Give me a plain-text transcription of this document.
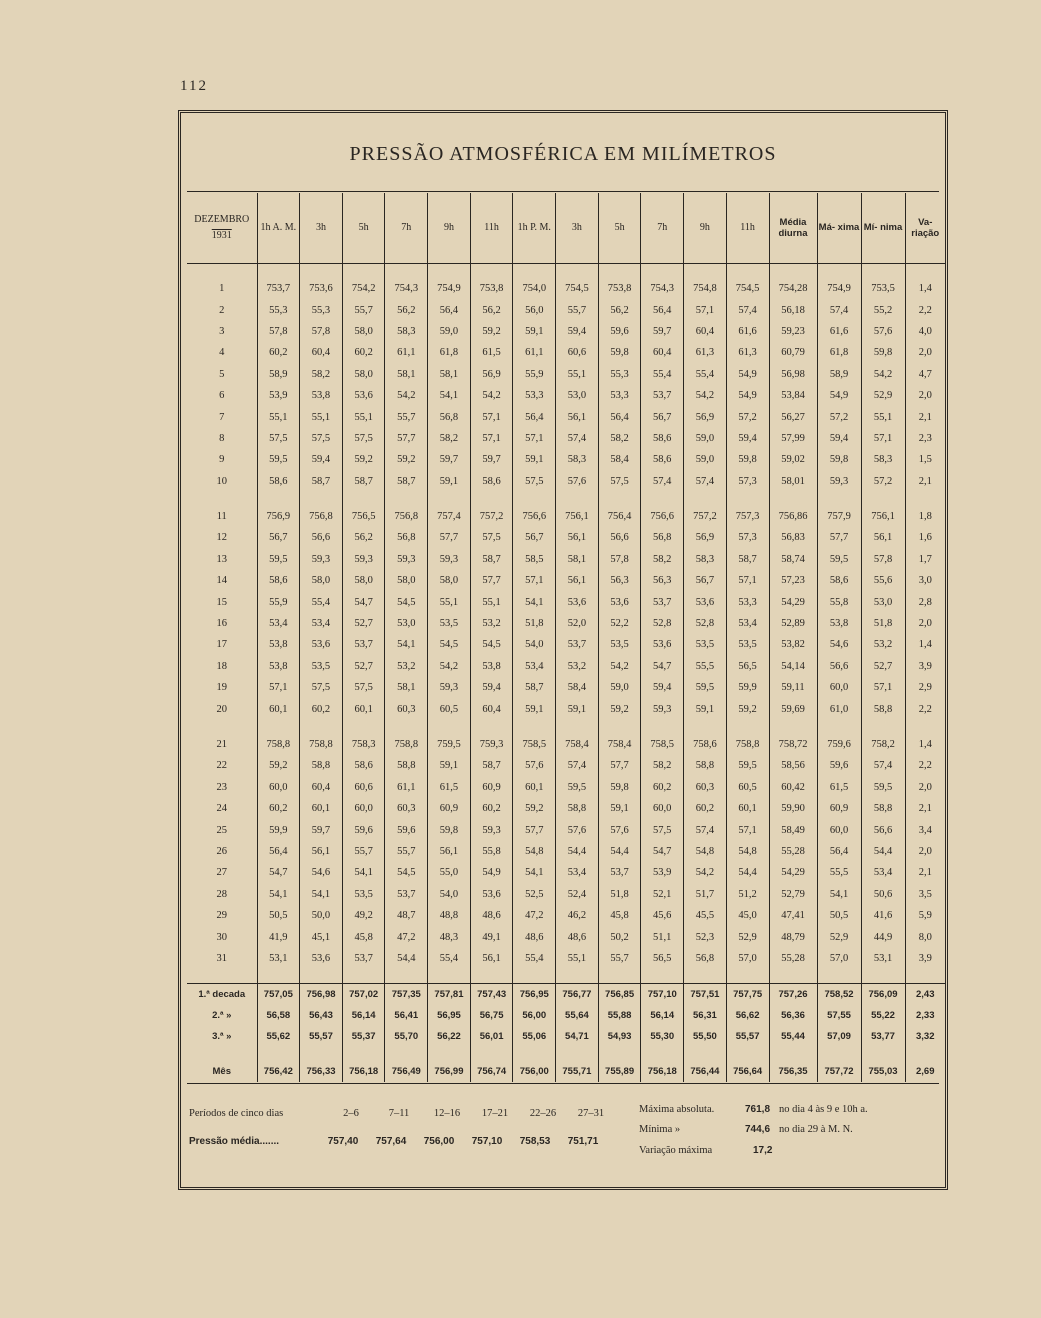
112
PRESSÃO ATMOSFÉRICA EM MILÍMETROS
DEZEMBRO
1931	1h A. M.	3h	5h	7h	9h	11h	1h P. M.	3h	5h	7h	9h	11h	Média diurna	Má- xima	Mí- nima	Va- riação

1	753,7	753,6	754,2	754,3	754,9	753,8	754,0	754,5	753,8	754,3	754,8	754,5	754,28	754,9	753,5	1,4
2	55,3	55,3	55,7	56,2	56,4	56,2	56,0	55,7	56,2	56,4	57,1	57,4	56,18	57,4	55,2	2,2
3	57,8	57,8	58,0	58,3	59,0	59,2	59,1	59,4	59,6	59,7	60,4	61,6	59,23	61,6	57,6	4,0
4	60,2	60,4	60,2	61,1	61,8	61,5	61,1	60,6	59,8	60,4	61,3	61,3	60,79	61,8	59,8	2,0
5	58,9	58,2	58,0	58,1	58,1	56,9	55,9	55,1	55,3	55,4	55,4	54,9	56,98	58,9	54,2	4,7
6	53,9	53,8	53,6	54,2	54,1	54,2	53,3	53,0	53,3	53,7	54,2	54,9	53,84	54,9	52,9	2,0
7	55,1	55,1	55,1	55,7	56,8	57,1	56,4	56,1	56,4	56,7	56,9	57,2	56,27	57,2	55,1	2,1
8	57,5	57,5	57,5	57,7	58,2	57,1	57,1	57,4	58,2	58,6	59,0	59,4	57,99	59,4	57,1	2,3
9	59,5	59,4	59,2	59,2	59,7	59,7	59,1	58,3	58,4	58,6	59,0	59,8	59,02	59,8	58,3	1,5
10	58,6	58,7	58,7	58,7	59,1	58,6	57,5	57,6	57,5	57,4	57,4	57,3	58,01	59,3	57,2	2,1

11	756,9	756,8	756,5	756,8	757,4	757,2	756,6	756,1	756,4	756,6	757,2	757,3	756,86	757,9	756,1	1,8
12	56,7	56,6	56,2	56,8	57,7	57,5	56,7	56,1	56,6	56,8	56,9	57,3	56,83	57,7	56,1	1,6
13	59,5	59,3	59,3	59,3	59,3	58,7	58,5	58,1	57,8	58,2	58,3	58,7	58,74	59,5	57,8	1,7
14	58,6	58,0	58,0	58,0	58,0	57,7	57,1	56,1	56,3	56,3	56,7	57,1	57,23	58,6	55,6	3,0
15	55,9	55,4	54,7	54,5	55,1	55,1	54,1	53,6	53,6	53,7	53,6	53,3	54,29	55,8	53,0	2,8
16	53,4	53,4	52,7	53,0	53,5	53,2	51,8	52,0	52,2	52,8	52,8	53,4	52,89	53,8	51,8	2,0
17	53,8	53,6	53,7	54,1	54,5	54,5	54,0	53,7	53,5	53,6	53,5	53,5	53,82	54,6	53,2	1,4
18	53,8	53,5	52,7	53,2	54,2	53,8	53,4	53,2	54,2	54,7	55,5	56,5	54,14	56,6	52,7	3,9
19	57,1	57,5	57,5	58,1	59,3	59,4	58,7	58,4	59,0	59,4	59,5	59,9	59,11	60,0	57,1	2,9
20	60,1	60,2	60,1	60,3	60,5	60,4	59,1	59,1	59,2	59,3	59,1	59,2	59,69	61,0	58,8	2,2

21	758,8	758,8	758,3	758,8	759,5	759,3	758,5	758,4	758,4	758,5	758,6	758,8	758,72	759,6	758,2	1,4
22	59,2	58,8	58,6	58,8	59,1	58,7	57,6	57,4	57,7	58,2	58,8	59,5	58,56	59,6	57,4	2,2
23	60,0	60,4	60,6	61,1	61,5	60,9	60,1	59,5	59,8	60,2	60,3	60,5	60,42	61,5	59,5	2,0
24	60,2	60,1	60,0	60,3	60,9	60,2	59,2	58,8	59,1	60,0	60,2	60,1	59,90	60,9	58,8	2,1
25	59,9	59,7	59,6	59,6	59,8	59,3	57,7	57,6	57,6	57,5	57,4	57,1	58,49	60,0	56,6	3,4
26	56,4	56,1	55,7	55,7	56,1	55,8	54,8	54,4	54,4	54,7	54,8	54,8	55,28	56,4	54,4	2,0
27	54,7	54,6	54,1	54,5	55,0	54,9	54,1	53,4	53,7	53,9	54,2	54,4	54,29	55,5	53,4	2,1
28	54,1	54,1	53,5	53,7	54,0	53,6	52,5	52,4	51,8	52,1	51,7	51,2	52,79	54,1	50,6	3,5
29	50,5	50,0	49,2	48,7	48,8	48,6	47,2	46,2	45,8	45,6	45,5	45,0	47,41	50,5	41,6	5,9
30	41,9	45,1	45,8	47,2	48,3	49,1	48,6	48,6	50,2	51,1	52,3	52,9	48,79	52,9	44,9	8,0
31	53,1	53,6	53,7	54,4	55,4	56,1	55,4	55,1	55,7	56,5	56,8	57,0	55,28	57,0	53,1	3,9

1.ª decada	757,05	756,98	757,02	757,35	757,81	757,43	756,95	756,77	756,85	757,10	757,51	757,75	757,26	758,52	756,09	2,43
2.ª »	56,58	56,43	56,14	56,41	56,95	56,75	56,00	55,64	55,88	56,14	56,31	56,62	56,36	57,55	55,22	2,33
3.ª »	55,62	55,57	55,37	55,70	56,22	56,01	55,06	54,71	54,93	55,30	55,50	55,57	55,44	57,09	53,77	3,32

Mês	756,42	756,33	756,18	756,49	756,99	756,74	756,00	755,71	755,89	756,18	756,44	756,64	756,35	757,72	755,03	2,69
Períodos de cinco dias	2–6	7–11 12–16 17–21 22–26 27–31
Pressão média.......	757,40 757,64 756,00 757,10 758,53 751,71
Máxima absoluta.	761,8 no dia 4 às 9 e 10h a.
Mínima »	744,6 no dia 29 à M. N.
Variação máxima	17,2
